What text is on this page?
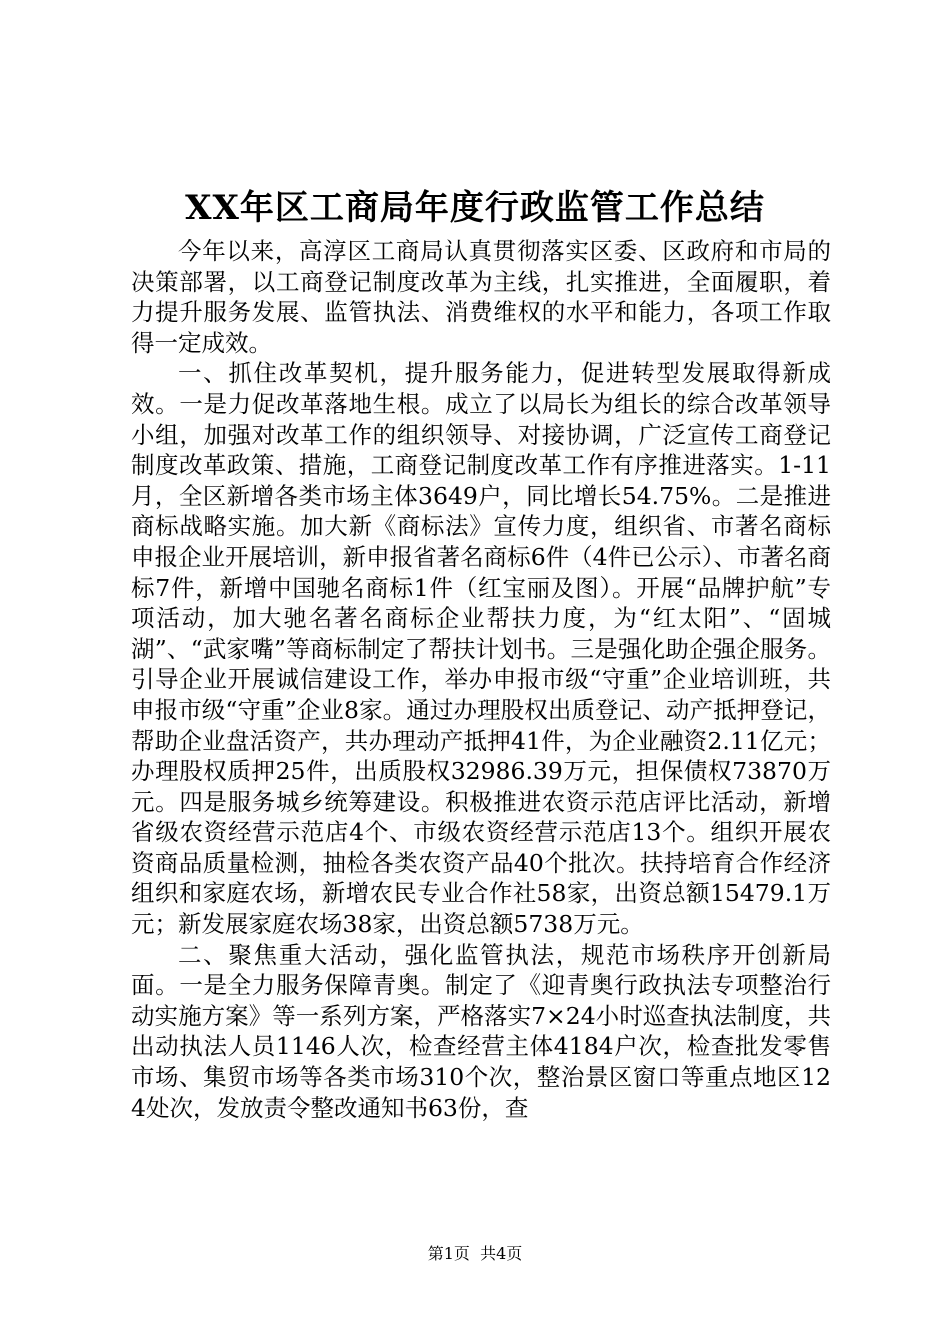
XX年区工商局年度行政监管工作总结

今年以来，高淳区工商局认真贯彻落实区委、区政府和市局的决策部署，以工商登记制度改革为主线，扎实推进，全面履职，着力提升服务发展、监管执法、消费维权的水平和能力，各项工作取得一定成效。

一、抓住改革契机，提升服务能力，促进转型发展取得新成效。一是力促改革落地生根。成立了以局长为组长的综合改革领导小组，加强对改革工作的组织领导、对接协调，广泛宣传工商登记制度改革政策、措施，工商登记制度改革工作有序推进落实。1-11月，全区新增各类市场主体3649户，同比增长54.75%。二是推进商标战略实施。加大新《商标法》宣传力度，组织省、市著名商标申报企业开展培训，新申报省著名商标6件（4件已公示）、市著名商标7件，新增中国驰名商标1件（红宝丽及图）。开展“品牌护航”专项活动，加大驰名著名商标企业帮扶力度，为“红太阳”、“固城湖”、“武家嘴”等商标制定了帮扶计划书。三是强化助企强企服务。引导企业开展诚信建设工作，举办申报市级“守重”企业培训班，共申报市级“守重”企业8家。通过办理股权出质登记、动产抵押登记，帮助企业盘活资产，共办理动产抵押41件，为企业融资2.11亿元；办理股权质押25件，出质股权32986.39万元，担保债权73870万元。四是服务城乡统筹建设。积极推进农资示范店评比活动，新增省级农资经营示范店4个、市级农资经营示范店13个。组织开展农资商品质量检测，抽检各类农资产品40个批次。扶持培育合作经济组织和家庭农场，新增农民专业合作社58家，出资总额15479.1万元；新发展家庭农场38家，出资总额5738万元。

二、聚焦重大活动，强化监管执法，规范市场秩序开创新局面。一是全力服务保障青奥。制定了《迎青奥行政执法专项整治行动实施方案》等一系列方案，严格落实7×24小时巡查执法制度，共出动执法人员1146人次，检查经营主体4184户次，检查批发零售市场、集贸市场等各类市场310个次，整治景区窗口等重点地区124处次，发放责令整改通知书63份，查

第1页  共4页
